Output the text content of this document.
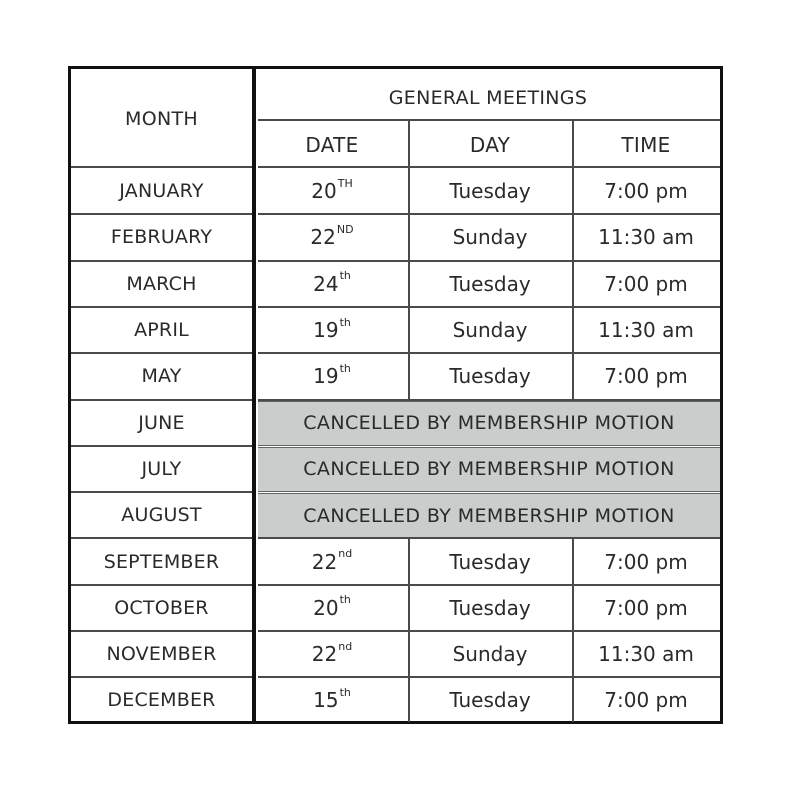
MONTH
GENERAL MEETINGS
DATE	DAY	TIME
JANUARY	20TH	Tuesday	7:00 pm
FEBRUARY	22ND	Sunday	11:30 am
MARCH	24th	Tuesday	7:00 pm
APRIL	19th	Sunday	11:30 am
MAY	19th	Tuesday	7:00 pm
JUNE	CANCELLED BY MEMBERSHIP MOTION
JULY	CANCELLED BY MEMBERSHIP MOTION
AUGUST	CANCELLED BY MEMBERSHIP MOTION
SEPTEMBER	22nd	Tuesday	7:00 pm
OCTOBER	20th	Tuesday	7:00 pm
NOVEMBER	22nd	Sunday	11:30 am
DECEMBER	15th	Tuesday	7:00 pm
